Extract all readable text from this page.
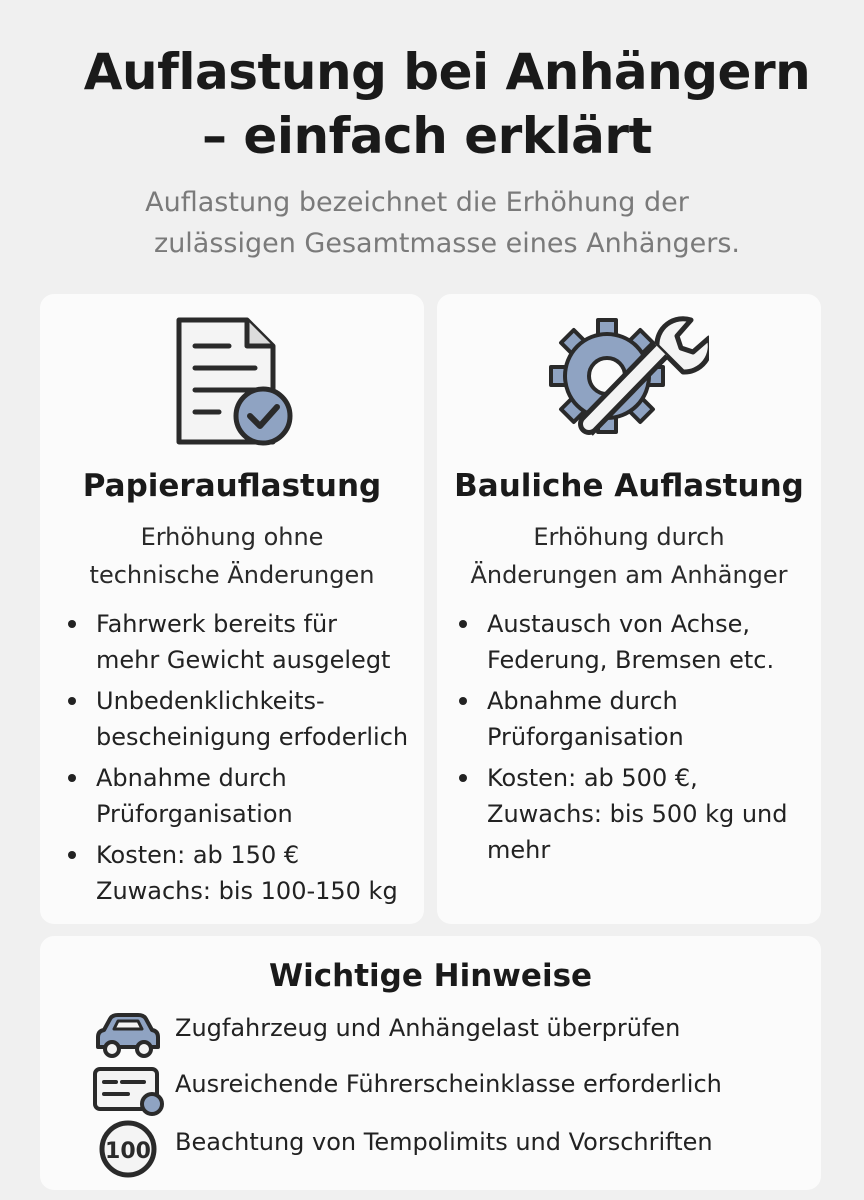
Auflastung bei Anhängern
– einfach erklärt

Auflastung bezeichnet die Erhöhung der
zulässigen Gesamtmasse eines Anhängers.

Papierauflastung
Erhöhung ohne
technische Änderungen
Fahrwerk bereits für
mehr Gewicht ausgelegt
Unbedenklichkeits-
bescheinigung erfoderlich
Abnahme durch
Prüforganisation
Kosten: ab 150 €
Zuwachs: bis 100-150 kg
Bauliche Auflastung
Erhöhung durch
Änderungen am Anhänger
Austausch von Achse,
Federung, Bremsen etc.
Abnahme durch
Prüforganisation
Kosten: ab 500 €,
Zuwachs: bis 500 kg und
mehr
Wichtige Hinweise
Zugfahrzeug und Anhängelast überprüfen
Ausreichende Führerscheinklasse erforderlich
100 Beachtung von Tempolimits und Vorschriften
